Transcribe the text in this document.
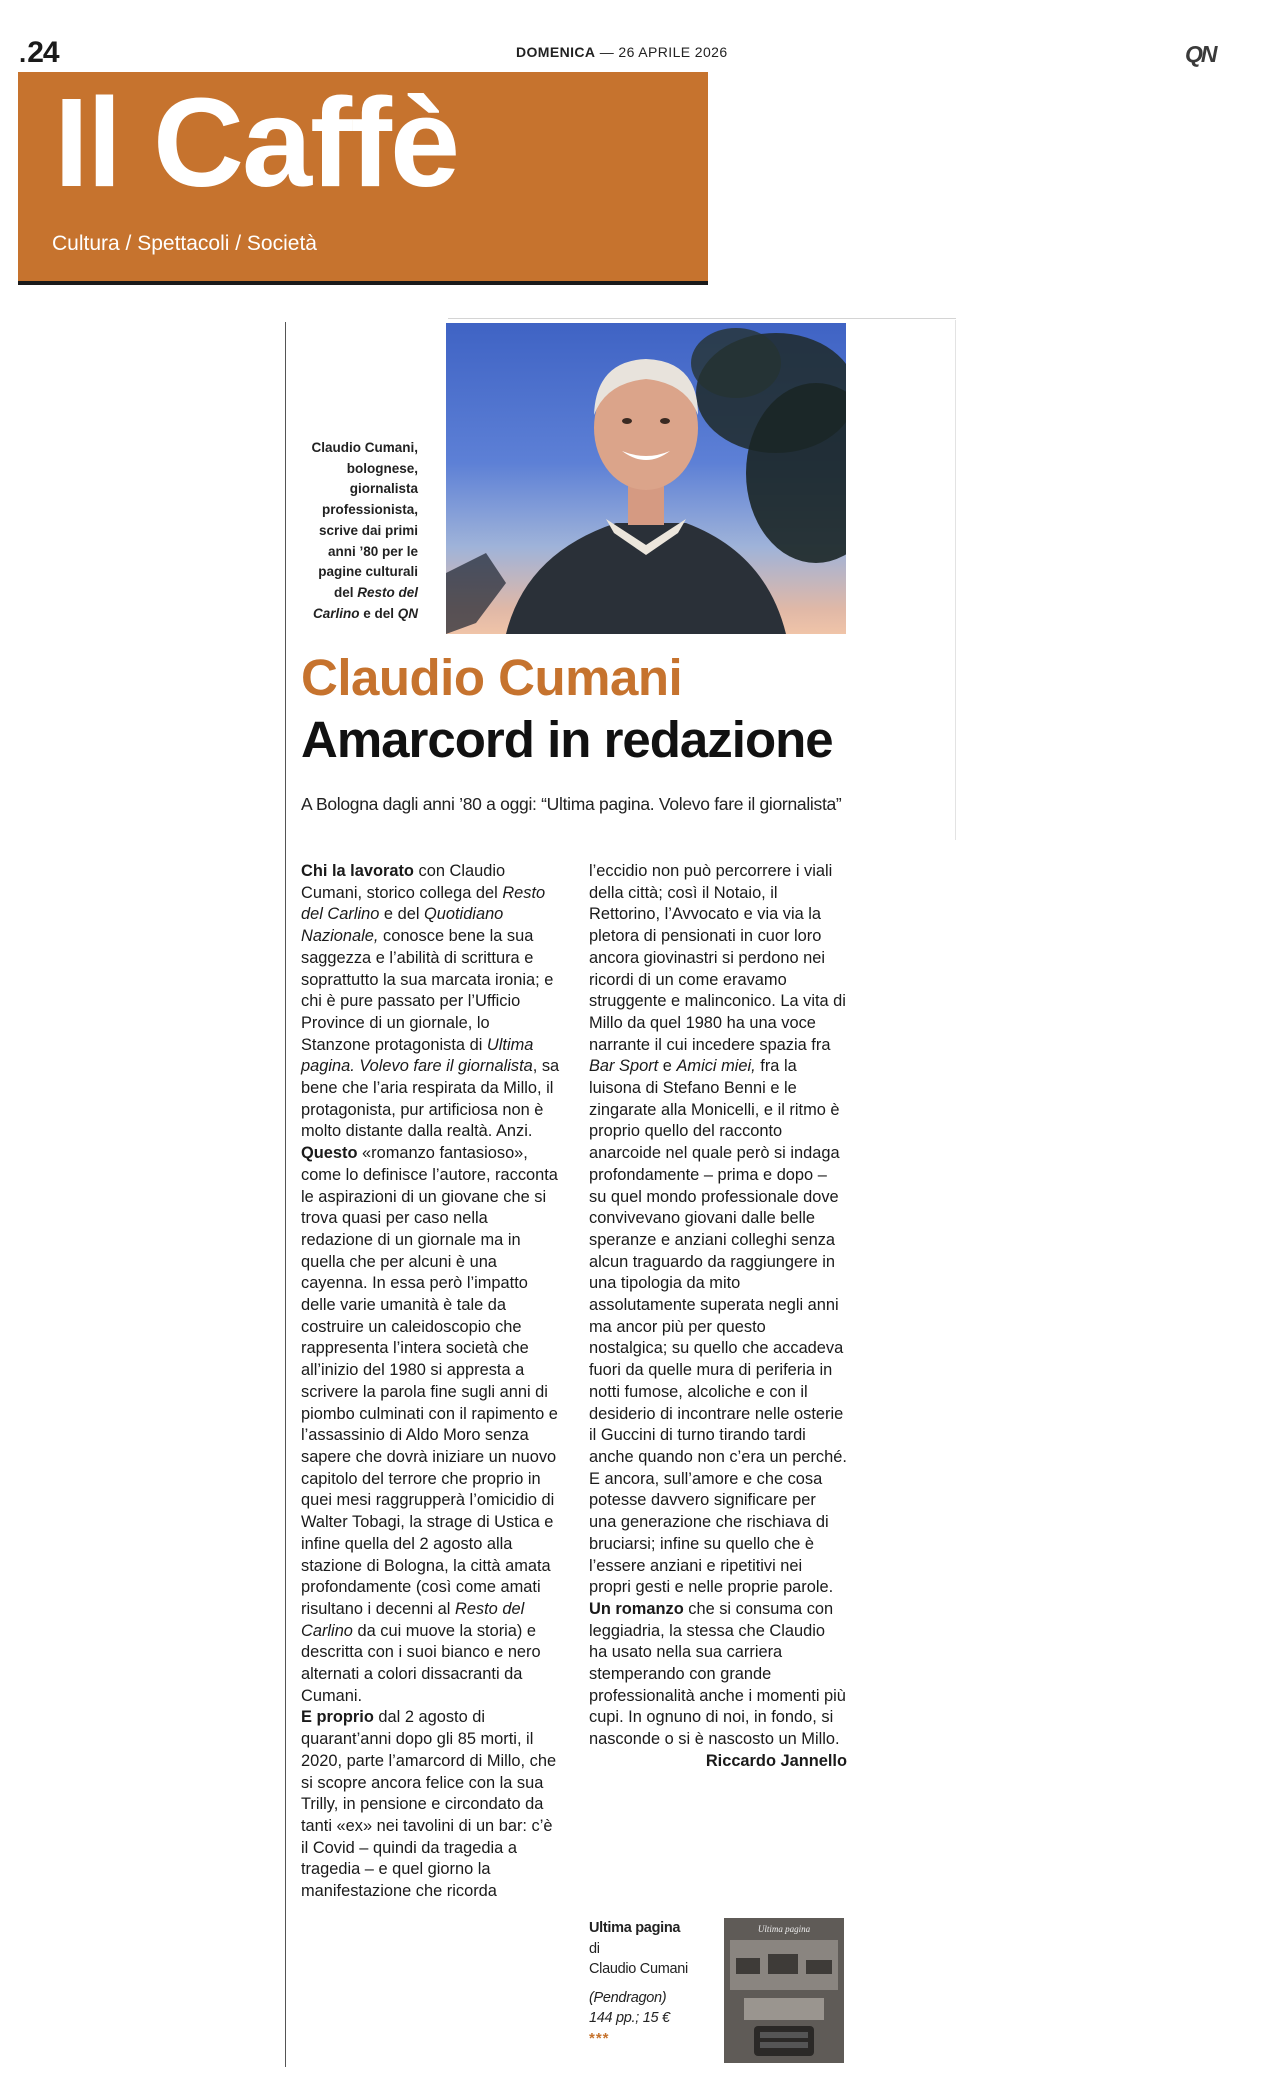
.24	DOMENICA — 26 APRILE 2026	QN
Il Caffè
Cultura / Spettacoli / Società
Claudio Cumani,
bolognese,
giornalista
professionista,
scrive dai primi
anni ’80 per le
pagine culturali
del Resto del
Carlino e del QN
Claudio Cumani
Amarcord in redazione
A Bologna dagli anni ’80 a oggi: “Ultima pagina. Volevo fare il giornalista”

Chi la lavorato con Claudio Cumani, storico collega del Resto del Carlino e del Quotidiano Nazionale, conosce bene la sua saggezza e l’abilità di scrittura e soprattutto la sua marcata ironia; e chi è pure passato per l’Ufficio Province di un giornale, lo Stanzone protagonista di Ultima pagina. Volevo fare il giornalista, sa bene che l’aria respirata da Millo, il protagonista, pur artificiosa non è molto distante dalla realtà. Anzi.

Questo «romanzo fantasioso», come lo definisce l’autore, racconta le aspirazioni di un giovane che si trova quasi per caso nella redazione di un giornale ma in quella che per alcuni è una cayenna. In essa però l’impatto delle varie umanità è tale da costruire un caleidoscopio che rappresenta l’intera società che all’inizio del 1980 si appresta a scrivere la parola fine sugli anni di piombo culminati con il rapimento e l’assassinio di Aldo Moro senza sapere che dovrà iniziare un nuovo capitolo del terrore che proprio in quei mesi raggrupperà l’omicidio di Walter Tobagi, la strage di Ustica e infine quella del 2 agosto alla stazione di Bologna, la città amata profondamente (così come amati risultano i decenni al Resto del Carlino da cui muove la storia) e descritta con i suoi bianco e nero alternati a colori dissacranti da Cumani.

E proprio dal 2 agosto di quarant’anni dopo gli 85 morti, il 2020, parte l’amarcord di Millo, che si scopre ancora felice con la sua Trilly, in pensione e circondato da tanti «ex» nei tavolini di un bar: c’è il Covid – quindi da tragedia a tragedia – e quel giorno la manifestazione che ricorda

l’eccidio non può percorrere i viali della città; così il Notaio, il Rettorino, l’Avvocato e via via la pletora di pensionati in cuor loro ancora giovinastri si perdono nei ricordi di un come eravamo struggente e malinconico. La vita di Millo da quel 1980 ha una voce narrante il cui incedere spazia fra Bar Sport e Amici miei, fra la luisona di Stefano Benni e le zingarate alla Monicelli, e il ritmo è proprio quello del racconto anarcoide nel quale però si indaga profondamente – prima e dopo – su quel mondo professionale dove convivevano giovani dalle belle speranze e anziani colleghi senza alcun traguardo da raggiungere in una tipologia da mito assolutamente superata negli anni ma ancor più per questo nostalgica; su quello che accadeva fuori da quelle mura di periferia in notti fumose, alcoliche e con il desiderio di incontrare nelle osterie il Guccini di turno tirando tardi anche quando non c’era un perché. E ancora, sull’amore e che cosa potesse davvero significare per una generazione che rischiava di bruciarsi; infine su quello che è l’essere anziani e ripetitivi nei propri gesti e nelle proprie parole.

Un romanzo che si consuma con leggiadria, la stessa che Claudio ha usato nella sua carriera stemperando con grande professionalità anche i momenti più cupi. In ognuno di noi, in fondo, si nasconde o si è nascosto un Millo.

Riccardo Jannello

Ultima pagina
di
Claudio Cumani
(Pendragon)
144 pp.; 15 €
***
Ultima pagina
